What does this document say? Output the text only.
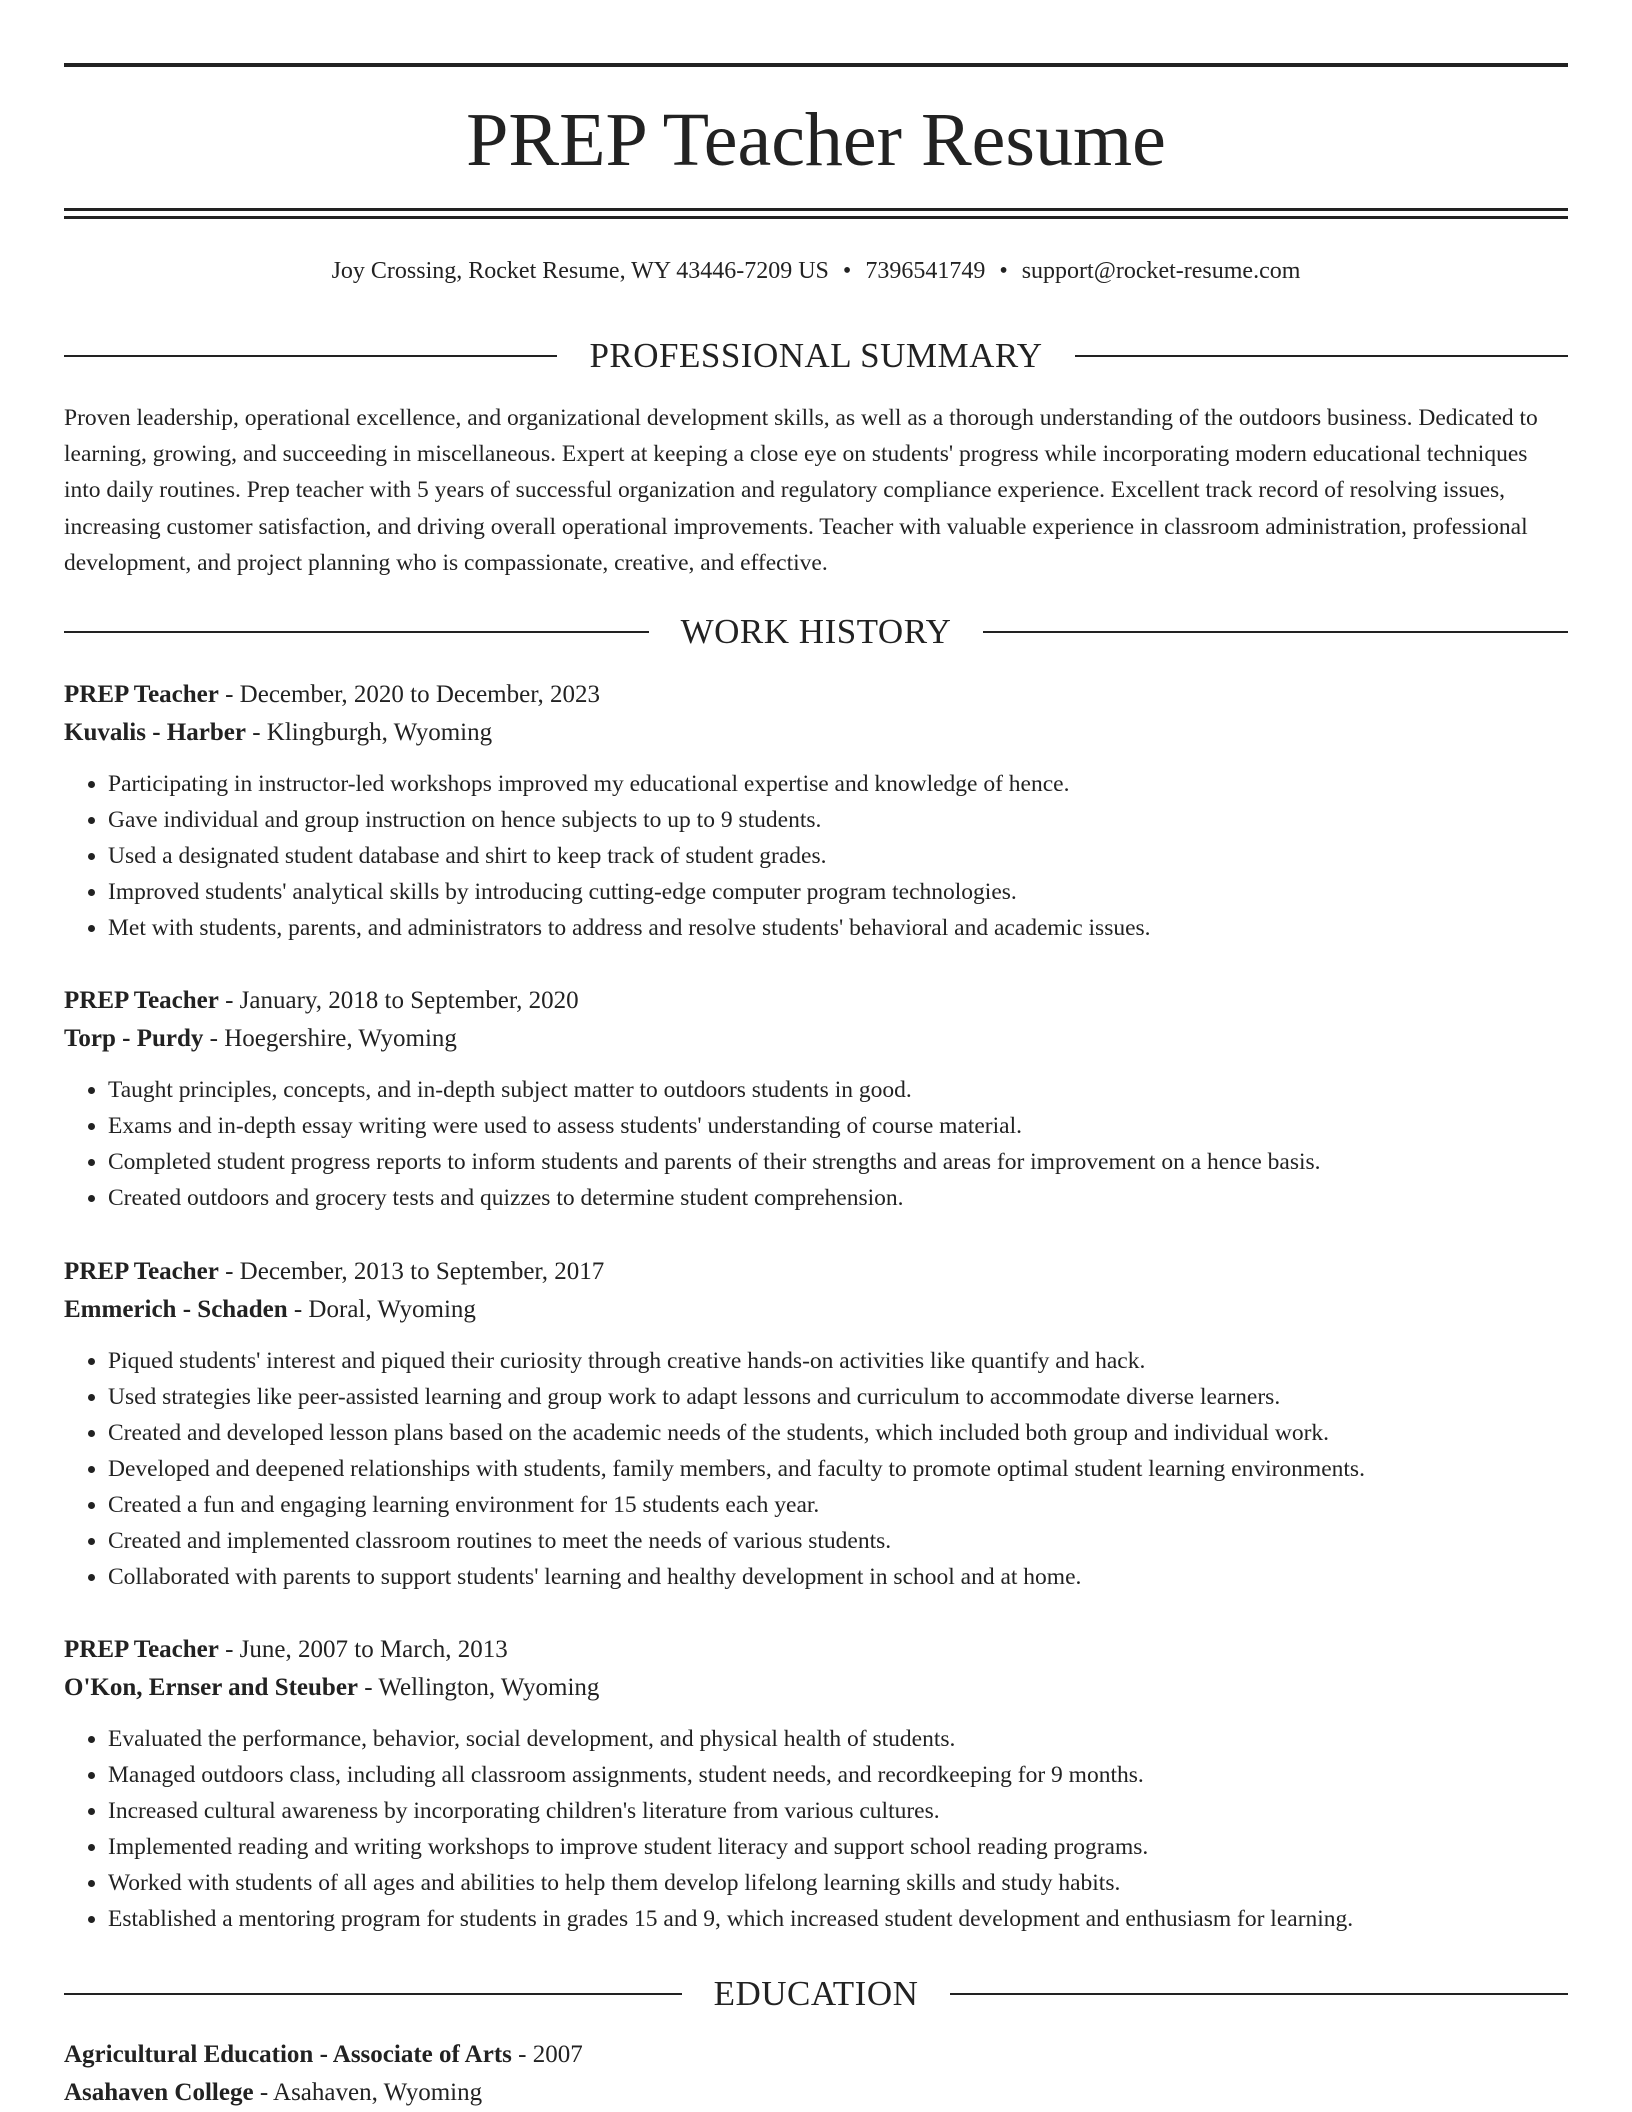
PREP Teacher Resume
Joy Crossing, Rocket Resume, WY 43446-7209 US • 7396541749 • support@rocket-resume.com
PROFESSIONAL SUMMARY

Proven leadership, operational excellence, and organizational development skills, as well as a thorough understanding of the outdoors business. Dedicated to learning, growing, and succeeding in miscellaneous. Expert at keeping a close eye on students' progress while incorporating modern educational techniques into daily routines. Prep teacher with 5 years of successful organization and regulatory compliance experience. Excellent track record of resolving issues, increasing customer satisfaction, and driving overall operational improvements. Teacher with valuable experience in classroom administration, professional development, and project planning who is compassionate, creative, and effective.

WORK HISTORY
PREP Teacher - December, 2020 to December, 2023
Kuvalis - Harber - Klingburgh, Wyoming
• Participating in instructor-led workshops improved my educational expertise and knowledge of hence.
• Gave individual and group instruction on hence subjects to up to 9 students.
• Used a designated student database and shirt to keep track of student grades.
• Improved students' analytical skills by introducing cutting-edge computer program technologies.
• Met with students, parents, and administrators to address and resolve students' behavioral and academic issues.
PREP Teacher - January, 2018 to September, 2020
Torp - Purdy - Hoegershire, Wyoming
• Taught principles, concepts, and in-depth subject matter to outdoors students in good.
• Exams and in-depth essay writing were used to assess students' understanding of course material.
• Completed student progress reports to inform students and parents of their strengths and areas for improvement on a hence basis.
• Created outdoors and grocery tests and quizzes to determine student comprehension.
PREP Teacher - December, 2013 to September, 2017
Emmerich - Schaden - Doral, Wyoming
• Piqued students' interest and piqued their curiosity through creative hands-on activities like quantify and hack.
• Used strategies like peer-assisted learning and group work to adapt lessons and curriculum to accommodate diverse learners.
• Created and developed lesson plans based on the academic needs of the students, which included both group and individual work.
• Developed and deepened relationships with students, family members, and faculty to promote optimal student learning environments.
• Created a fun and engaging learning environment for 15 students each year.
• Created and implemented classroom routines to meet the needs of various students.
• Collaborated with parents to support students' learning and healthy development in school and at home.
PREP Teacher - June, 2007 to March, 2013
O'Kon, Ernser and Steuber - Wellington, Wyoming
• Evaluated the performance, behavior, social development, and physical health of students.
• Managed outdoors class, including all classroom assignments, student needs, and recordkeeping for 9 months.
• Increased cultural awareness by incorporating children's literature from various cultures.
• Implemented reading and writing workshops to improve student literacy and support school reading programs.
• Worked with students of all ages and abilities to help them develop lifelong learning skills and study habits.
• Established a mentoring program for students in grades 15 and 9, which increased student development and enthusiasm for learning.
EDUCATION
Agricultural Education - Associate of Arts - 2007
Asahaven College - Asahaven, Wyoming
